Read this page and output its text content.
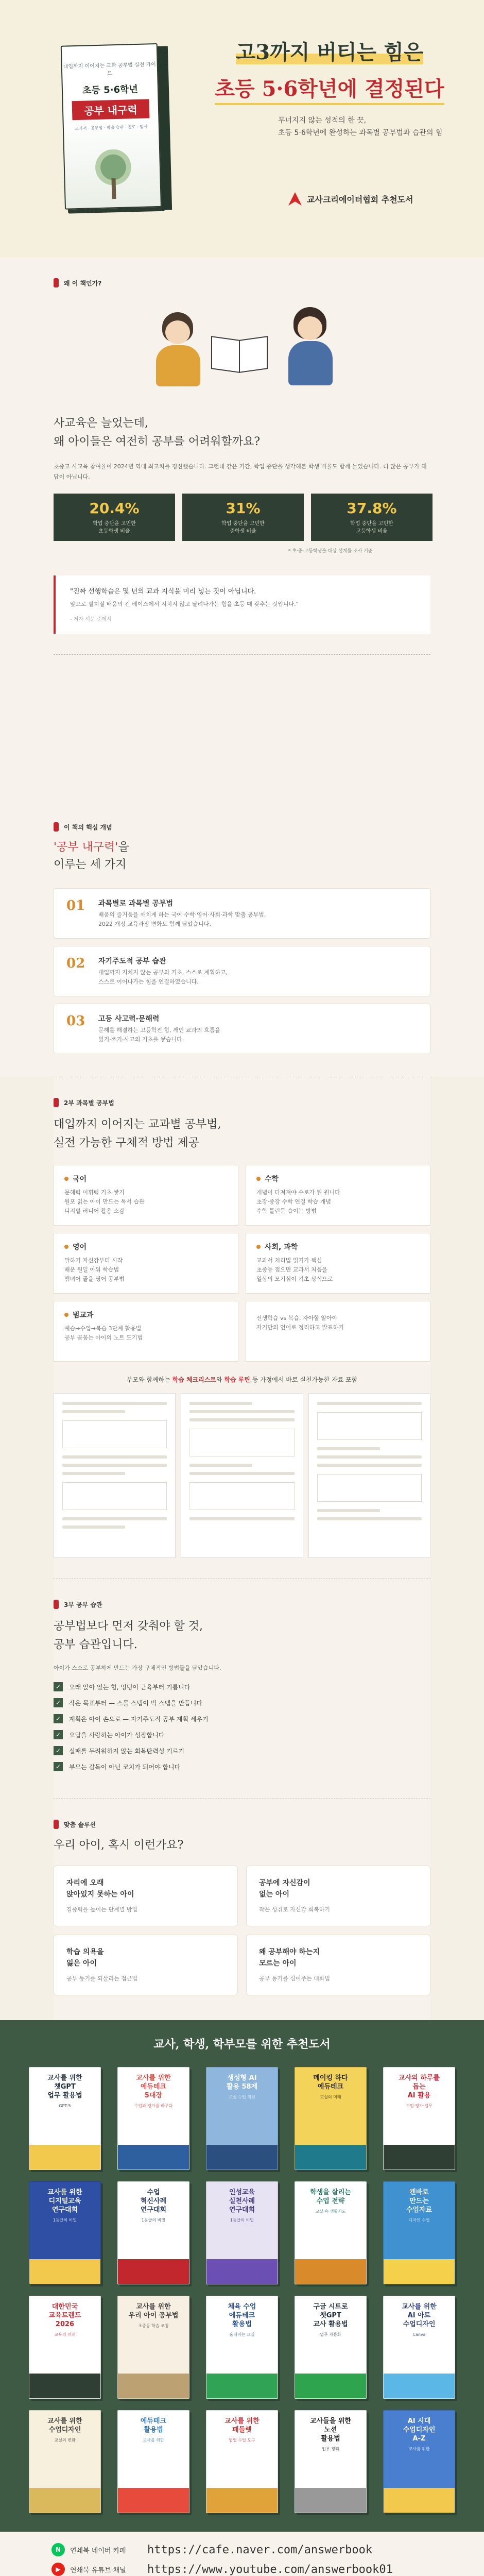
대입까지 이어지는 교과 공부법 실전 가이드
초등 5·6학년
공부 내구력
교과서 · 공부법 · 학습 습관 · 진로 · 입시
고3까지 버티는 힘은
초등 5·6학년에 결정된다
무너지지 않는 성적의 한 끗,
초등 5·6학년에 완성하는 과목별 공부법과 습관의 힘
교사크리에이터협회 추천도서
왜 이 책인가?
사교육은 늘었는데,
왜 아이들은 여전히 공부를 어려워할까요?
초중고 사교육 참여율이 2024년 역대 최고치를 경신했습니다. 그런데 같은 기간, 학업 중단을 생각해본 학생 비율도 함께 늘었습니다. 더 많은 공부가 해답이 아닙니다.
20.4%
학업 중단을 고민한
초등학생 비율
31%
학업 중단을 고민한
중학생 비율
37.8%
학업 중단을 고민한
고등학생 비율
* 초·중·고등학생을 대상 설계를 조사 기준
"진짜 선행학습은 몇 년의 교과 지식을 미리 넣는 것이 아닙니다.
앞으로 펼쳐질 배움의 긴 레이스에서 지치지 않고 달려나가는 힘을 초등 때 갖추는 것입니다."
- 저자 서문 중에서
이 책의 핵심 개념
'공부 내구력'을
이루는 세 가지
01	과목별로 과목별 공부법
배움의 즐거움을 깨치게 하는 국어·수학·영어·사회·과학 맞춤 공부법,
2022 개정 교육과정 변화도 함께 담았습니다.
02	자기주도적 공부 습관
대입까지 지치지 않는 공부의 기초, 스스로 계획하고,
스스로 이어나가는 힘을 연결하였습니다.
03	고등 사고력·문해력
문해를 해결하는 고등학진 힘, 깨인 교과의 흐름을
읽기·쓰기·사고의 기초를 쌓습니다.
2부 과목별 공부법
대입까지 이어지는 교과별 공부법,
실전 가능한 구체적 방법 제공
국어
문해력 어휘력 기초 쌓기
원포 읽는 아이 만드는 독서 습관
디지털 러니어 활용 소감
수학
개념이 다져져야 수로가 된 원니다
초장·중장 수학 연결 학습 개념
수학 틀린문 습이는 방법
영어
말하기 자신감부터 시작
배운 원일 아워 학습법
엠녀어 골을 영어 공부법
사회, 과학
교과서 처리법 읽기가 핵심
초중등 접으면 교과서 처음을
일상의 모기심이 기초 상식으로
범교과
예습→수업→복습 3단계 활용법
공부 꼼꼼는 아이의 노트 도기법
선생학습 vs 복습, 자아할 알아야
자기만의 언어로 정리하고 발표하기
부모와 함께하는 학습 체크리스트와 학습 루틴 등 가정에서 바로 실천가능한 자료 포함
3부 공부 습관
공부법보다 먼저 갖춰야 할 것,
공부 습관입니다.
아이가 스스로 공부하게 만드는 가장 구체적인 방법들을 담았습니다.
✓	오래 앉아 있는 힘, 엉덩이 근육부터 기릅니다
✓	작은 목표부터 — 스몰 스텝이 빅 스텝을 만듭니다
✓	계획은 아이 손으로 — 자기주도적 공부 계획 세우기
✓	오답을 사랑하는 아이가 성장합니다
✓	실패를 두려워하지 않는 회복탄력성 기르기
✓	부모는 감독이 아닌 코치가 되어야 합니다
맞춤 솔루션
우리 아이, 혹시 이런가요?
자리에 오래
앉아있지 못하는 아이
집중력을 높이는 단계별 방법
공부에 자신감이
없는 아이
작은 성취로 자신감 회복하기
학습 의욕을
잃은 아이
공부 동기를 되살리는 접근법
왜 공부해야 하는지
모르는 아이
공부 동기를 심어주는 대화법
교사, 학생, 학부모를 위한 추천도서
교사를 위한
챗GPT
업무 활용법
GPT-5
교사를 위한
에듀테크
5대장
수업과 평가를 바꾸다
생성형 AI
활용 58제
교실 수업 혁신
메이킹 하다
에듀테크
교실의 미래
교사의 하루를
돕는
AI 활용
수업·평가·업무
교사를 위한
디지털교육
연구대회
1등급의 비밀
수업
혁신사례
연구대회
1등급의 비밀
인성교육
실천사례
연구대회
1등급의 비밀
학생을 살리는
수업 전략
교실 속 생활지도
캔바로
만드는
수업자료
디자인 수업
대한민국
교육트렌드
2026
교육의 미래
교사를 위한
우리 아이 공부법
초중등 학습 코칭
체육 수업
에듀테크
활용법
움직이는 교실
구글 시트로
챗GPT
교사 활용법
업무 자동화
교사를 위한
AI 아트
수업디자인
Canva
교사를 위한
수업디자인
교실의 변화
에듀테크
활용법
교사를 위한
교사를 위한
패들렛
협업 수업 도구
교사들을 위한
노션
활용법
업무 정리
AI 시대
수업디자인
A-Z
교사를 위한
N	연쇄북 네이버 카페	https://cafe.naver.com/answerbook
▶	연쇄북 유튜브 채널	https://www.youtube.com/answerbook01
